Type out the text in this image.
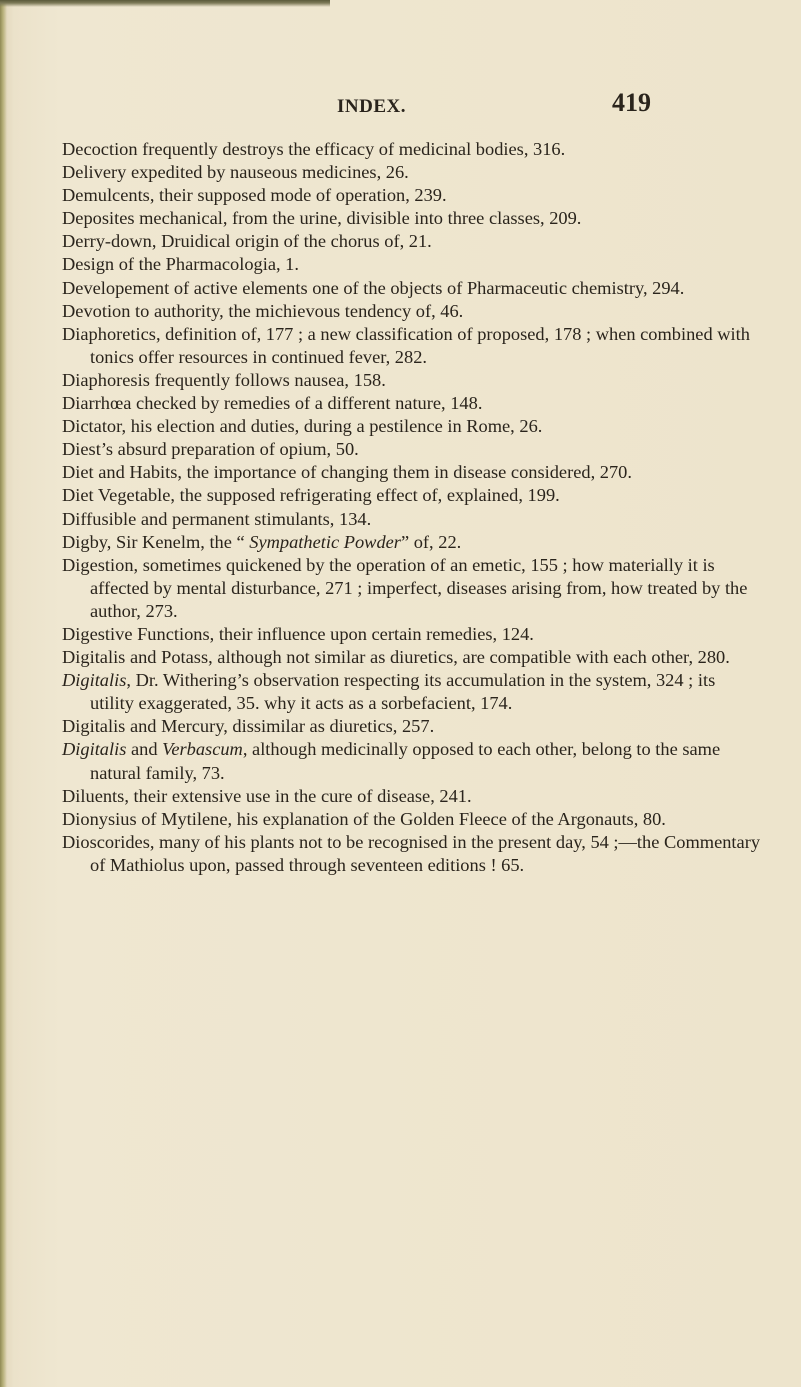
INDEX.	419
Decoction frequently destroys the efficacy of medicinal bodies, 316.
Delivery expedited by nauseous medicines, 26.
Demulcents, their supposed mode of operation, 239.
Deposites mechanical, from the urine, divisible into three classes, 209.
Derry-down, Druidical origin of the chorus of, 21.
Design of the Pharmacologia, 1.
Developement of active elements one of the objects of Pharmaceutic chemistry, 294.
Devotion to authority, the michievous tendency of, 46.
Diaphoretics, definition of, 177 ; a new classification of proposed, 178 ; when combined with tonics offer resources in continued fever, 282.
Diaphoresis frequently follows nausea, 158.
Diarrhœa checked by remedies of a different nature, 148.
Dictator, his election and duties, during a pestilence in Rome, 26.
Diest’s absurd preparation of opium, 50.
Diet and Habits, the importance of changing them in disease considered, 270.
Diet Vegetable, the supposed refrigerating effect of, explained, 199.
Diffusible and permanent stimulants, 134.
Digby, Sir Kenelm, the “ Sympathetic Powder” of, 22.
Digestion, sometimes quickened by the operation of an emetic, 155 ; how materially it is affected by mental disturbance, 271 ; imperfect, diseases arising from, how treated by the author, 273.
Digestive Functions, their influence upon certain remedies, 124.
Digitalis and Potass, although not similar as diuretics, are compatible with each other, 280.
Digitalis, Dr. Withering’s observation respecting its accumulation in the system, 324 ; its utility exaggerated, 35. why it acts as a sorbefacient, 174.
Digitalis and Mercury, dissimilar as diuretics, 257.
Digitalis and Verbascum, although medicinally opposed to each other, belong to the same natural family, 73.
Diluents, their extensive use in the cure of disease, 241.
Dionysius of Mytilene, his explanation of the Golden Fleece of the Argonauts, 80.
Dioscorides, many of his plants not to be recognised in the present day, 54 ;—the Commentary of Mathiolus upon, passed through seventeen editions ! 65.
